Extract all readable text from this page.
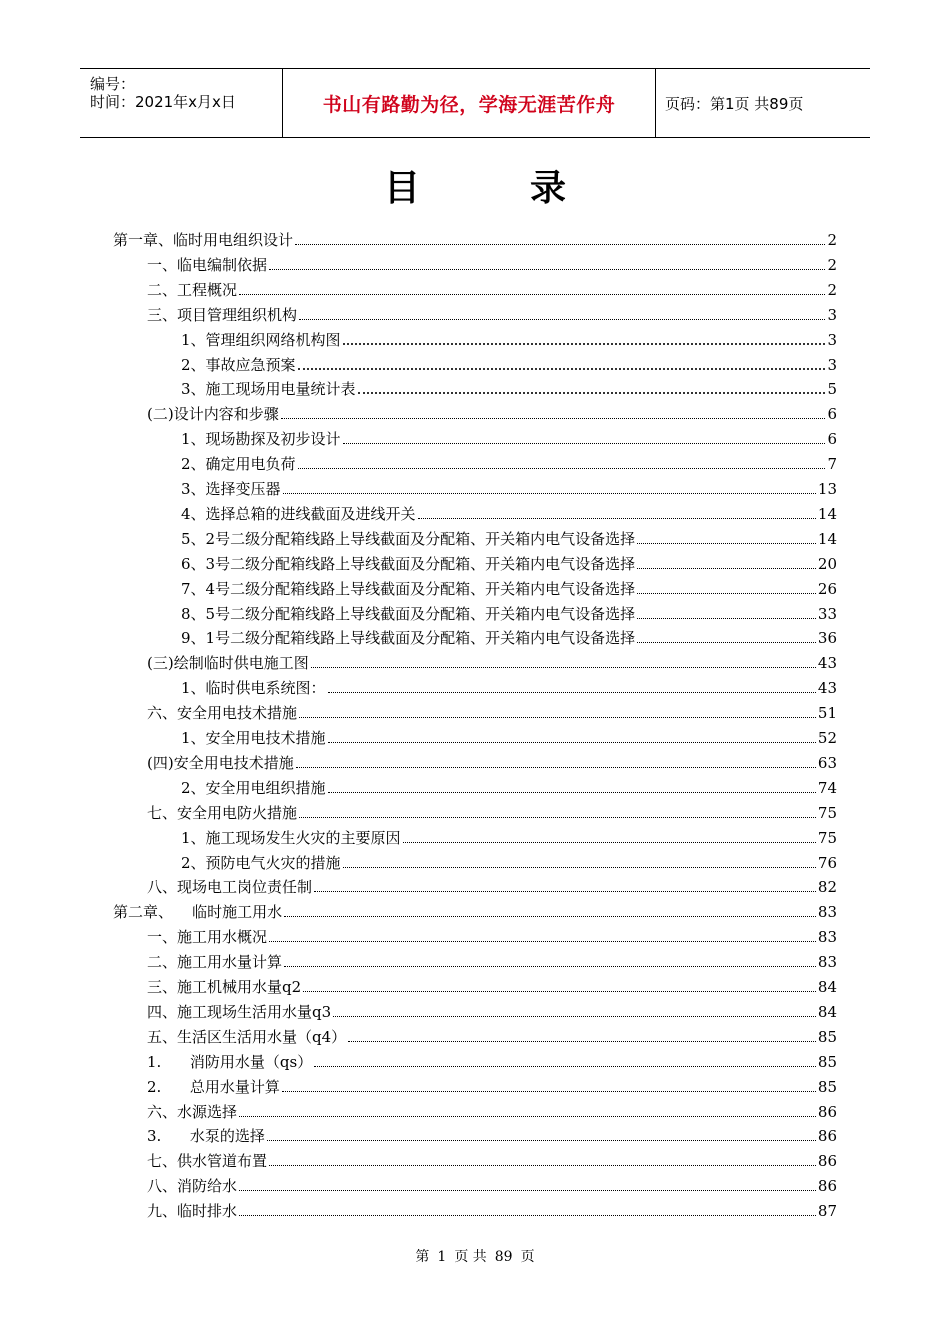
编号：
时间：2021年x月x日	书山有路勤为径，学海无涯苦作舟	页码：第1页 共89页
目录
第一章、临时用电组织设计	2
一、临电编制依据	2
二、工程概况	2
三、项目管理组织机构	3
1、管理组织网络机构图	3
2、事故应急预案	3
3、施工现场用电量统计表	5
(二)设计内容和步骤	6
1、现场勘探及初步设计	6
2、确定用电负荷	7
3、选择变压器	13
4、选择总箱的进线截面及进线开关	14
5、2号二级分配箱线路上导线截面及分配箱、开关箱内电气设备选择	14
6、3号二级分配箱线路上导线截面及分配箱、开关箱内电气设备选择	20
7、4号二级分配箱线路上导线截面及分配箱、开关箱内电气设备选择	26
8、5号二级分配箱线路上导线截面及分配箱、开关箱内电气设备选择	33
9、1号二级分配箱线路上导线截面及分配箱、开关箱内电气设备选择	36
(三)绘制临时供电施工图	43
1、临时供电系统图：	43
六、安全用电技术措施	51
1、安全用电技术措施	52
(四)安全用电技术措施	63
2、安全用电组织措施	74
七、安全用电防火措施	75
1、施工现场发生火灾的主要原因	75
2、预防电气火灾的措施	76
八、现场电工岗位责任制	82
第二章、    临时施工用水	83
一、施工用水概况	83
二、施工用水量计算	83
三、施工机械用水量q2	84
四、施工现场生活用水量q3	84
五、生活区生活用水量（q4）	85
1.      消防用水量（qs）	85
2.      总用水量计算	85
六、水源选择	86
3.      水泵的选择	86
七、供水管道布置	86
八、消防给水	86
九、临时排水	87
第 1 页 共 89 页
